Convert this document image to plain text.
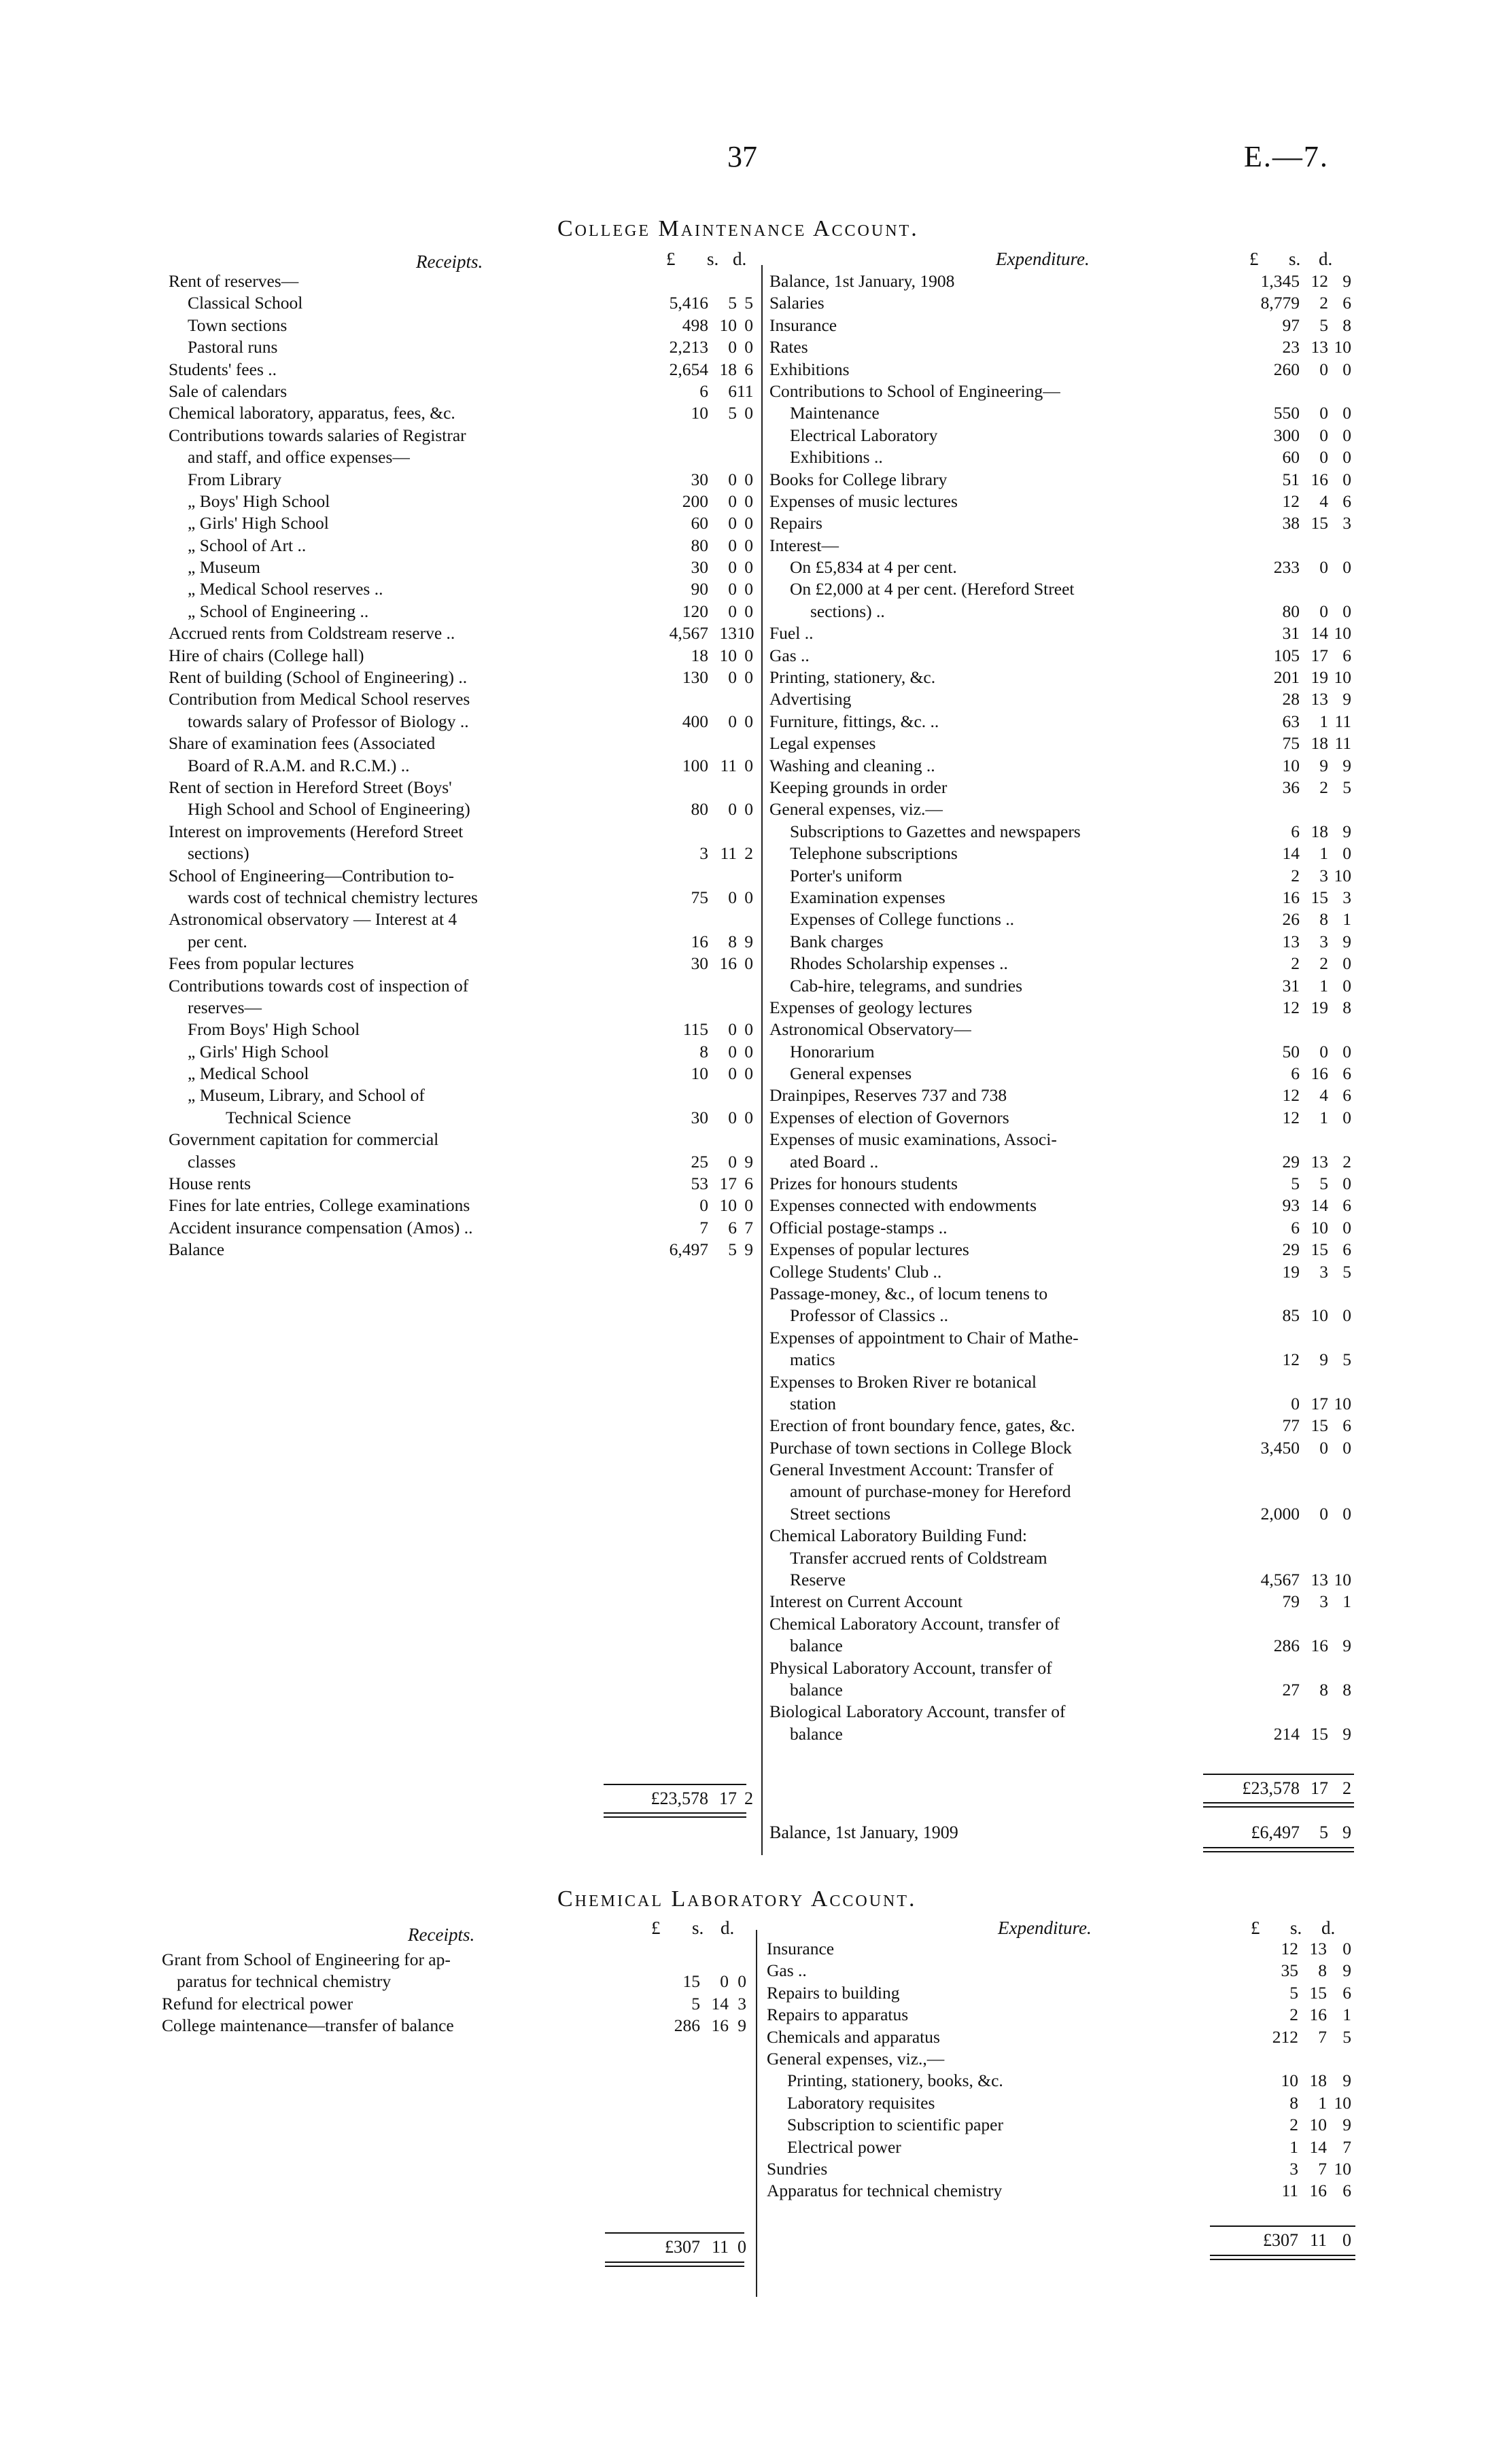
37	E.—7.
College Maintenance Account.
Receipts.	£ s. d.	Expenditure.	£ s. d.
Rent of reserves—
Classical School	5,416	5 5
Town sections	498 10 0
Pastoral runs	2,213	0 0
Students' fees ..	2,654 18 6
Sale of calendars	6	6 11
Chemical laboratory, apparatus, fees, &c.	10	5 0
Contributions towards salaries of Registrar
and staff, and office expenses—
From Library	30	0 0
„ Boys' High School	200	0 0
„ Girls' High School	60	0 0
„ School of Art ..	80	0 0
„ Museum	30	0 0
„ Medical School reserves ..	90	0 0
„ School of Engineering ..	120	0 0
Accrued rents from Coldstream reserve ..	4,567 13 10
Hire of chairs (College hall)	18 10 0
Rent of building (School of Engineering) ..	130	0 0
Contribution from Medical School reserves
towards salary of Professor of Biology ..	400	0 0
Share of examination fees (Associated
Board of R.A.M. and R.C.M.) ..	100 11 0
Rent of section in Hereford Street (Boys'
High School and School of Engineering)	80	0 0
Interest on improvements (Hereford Street
sections)	3 11 2
School of Engineering—Contribution to-
wards cost of technical chemistry lectures	75	0 0
Astronomical observatory — Interest at 4
per cent.	16	8 9
Fees from popular lectures	30 16 0
Contributions towards cost of inspection of
reserves—
From Boys' High School	115	0 0
„ Girls' High School	8	0 0
„ Medical School	10	0 0
„ Museum, Library, and School of
Technical Science	30	0 0
Government capitation for commercial
classes	25	0 9
House rents	53 17 6
Fines for late entries, College examinations	0 10 0
Accident insurance compensation (Amos) ..	7	6 7
Balance	6,497	5 9
Balance, 1st January, 1908	1,345 12 9
Salaries	8,779	2 6
Insurance	97	5 8
Rates	23 13 10
Exhibitions	260	0 0
Contributions to School of Engineering—
Maintenance	550	0 0
Electrical Laboratory	300	0 0
Exhibitions ..	60	0 0
Books for College library	51 16 0
Expenses of music lectures	12	4 6
Repairs	38 15 3
Interest—
On £5,834 at 4 per cent.	233	0 0
On £2,000 at 4 per cent. (Hereford Street
sections) ..	80	0 0
Fuel ..	31 14 10
Gas ..	105 17 6
Printing, stationery, &c.	201 19 10
Advertising	28 13 9
Furniture, fittings, &c. ..	63	1 11
Legal expenses	75 18 11
Washing and cleaning ..	10	9 9
Keeping grounds in order	36	2 5
General expenses, viz.—
Subscriptions to Gazettes and newspapers	6 18 9
Telephone subscriptions	14	1 0
Porter's uniform	2	3 10
Examination expenses	16 15 3
Expenses of College functions ..	26	8 1
Bank charges	13	3 9
Rhodes Scholarship expenses ..	2	2 0
Cab-hire, telegrams, and sundries	31	1 0
Expenses of geology lectures	12 19 8
Astronomical Observatory—
Honorarium	50	0 0
General expenses	6 16 6
Drainpipes, Reserves 737 and 738	12	4 6
Expenses of election of Governors	12	1 0
Expenses of music examinations, Associ-
ated Board ..	29 13 2
Prizes for honours students	5	5 0
Expenses connected with endowments	93 14 6
Official postage-stamps ..	6 10 0
Expenses of popular lectures	29 15 6
College Students' Club ..	19	3 5
Passage-money, &c., of locum tenens to
Professor of Classics ..	85 10 0
Expenses of appointment to Chair of Mathe-
matics	12	9 5
Expenses to Broken River re botanical
station	0 17 10
Erection of front boundary fence, gates, &c.	77 15 6
Purchase of town sections in College Block	3,450	0 0
General Investment Account: Transfer of
amount of purchase-money for Hereford
Street sections	2,000	0 0
Chemical Laboratory Building Fund:
Transfer accrued rents of Coldstream
Reserve	4,567 13 10
Interest on Current Account	79	3 1
Chemical Laboratory Account, transfer of
balance	286 16 9
Physical Laboratory Account, transfer of
balance	27	8 8
Biological Laboratory Account, transfer of
balance	214 15 9
£23,578 17 2
£23,578 17 2
Balance, 1st January, 1909	£6,497	5 9
Chemical Laboratory Account.
Receipts.	£ s. d.	Expenditure.	£ s. d.
Grant from School of Engineering for ap-
paratus for technical chemistry	15	0 0
Refund for electrical power	5 14 3
College maintenance—transfer of balance	286 16 9
Insurance	12 13 0
Gas ..	35	8 9
Repairs to building	5 15 6
Repairs to apparatus	2 16 1
Chemicals and apparatus	212	7 5
General expenses, viz.,—
Printing, stationery, books, &c.	10 18 9
Laboratory requisites	8	1 10
Subscription to scientific paper	2 10 9
Electrical power	1 14 7
Sundries	3	7 10
Apparatus for technical chemistry	11 16 6
£307 11 0	£307 11 0
